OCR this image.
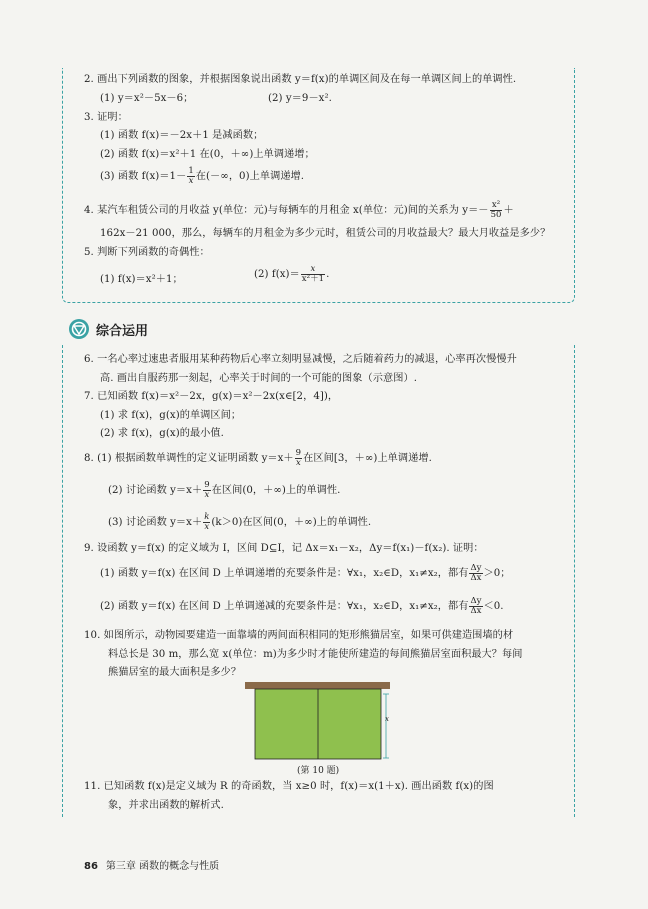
2. 画出下列函数的图象，并根据图象说出函数 y＝f(x)的单调区间及在每一单调区间上的单调性.
(1) y＝x²－5x－6；	(2) y＝9－x².
3. 证明：
(1) 函数 f(x)＝－2x＋1 是减函数；
(2) 函数 f(x)＝x²＋1 在(0，＋∞)上单调递增；
(3) 函数 $f(x)=1- \frac{1}{x}$ 在(－∞，0)上单调递增.
4. 某汽车租赁公司的月收益 y(单位：元)与每辆车的月租金 x(单位：元)间的关系为 $y=- \frac{\text{x²}}{50}$ ＋
162x－21 000，那么，每辆车的月租金为多少元时，租赁公司的月收益最大？最大月收益是多少？
5. 判断下列函数的奇偶性：
(1) f(x)＝x²＋1；	(2) $f(x)= \frac{x}{\text{x²＋1}}$ .
综合运用
6. 一名心率过速患者服用某种药物后心率立刻明显减慢，之后随着药力的减退，心率再次慢慢升
高. 画出自服药那一刻起，心率关于时间的一个可能的图象（示意图）.
7. 已知函数 f(x)＝x²－2x，g(x)＝x²－2x(x∈[2，4])，
(1) 求 f(x)，g(x)的单调区间；
(2) 求 f(x)，g(x)的最小值.
8. (1) 根据函数单调性的定义证明函数 $y=x+ \frac{9}{x}$ 在区间[3，＋∞)上单调递增.
(2) 讨论函数 $y=x+ \frac{9}{x}$ 在区间(0，＋∞)上的单调性.
(3) 讨论函数 $y=x+ \frac{k}{x} (k>0)$在区间(0，＋∞)上的单调性.
9. 设函数 y＝f(x) 的定义域为 I，区间 D⊆I，记 Δx＝x₁－x₂，Δy＝f(x₁)－f(x₂). 证明：
(1) 函数 y＝f(x) 在区间 D 上单调递增的充要条件是：∀x₁，x₂∈D，x₁≠x₂，都有 $\frac{\Delta y}{\Delta x} >0$；
(2) 函数 y＝f(x) 在区间 D 上单调递减的充要条件是：∀x₁，x₂∈D，x₁≠x₂，都有 $\frac{\Delta y}{\Delta x} <0$.
10. 如图所示，动物园要建造一面靠墙的两间面积相同的矩形熊猫居室，如果可供建造围墙的材
料总长是 30 m，那么宽 x(单位：m)为多少时才能使所建造的每间熊猫居室面积最大？每间
熊猫居室的最大面积是多少？
x
(第 10 题)
11. 已知函数 f(x)是定义域为 R 的奇函数，当 x≥0 时，f(x)＝x(1＋x). 画出函数 f(x)的图
象，并求出函数的解析式.
86 第三章 函数的概念与性质
